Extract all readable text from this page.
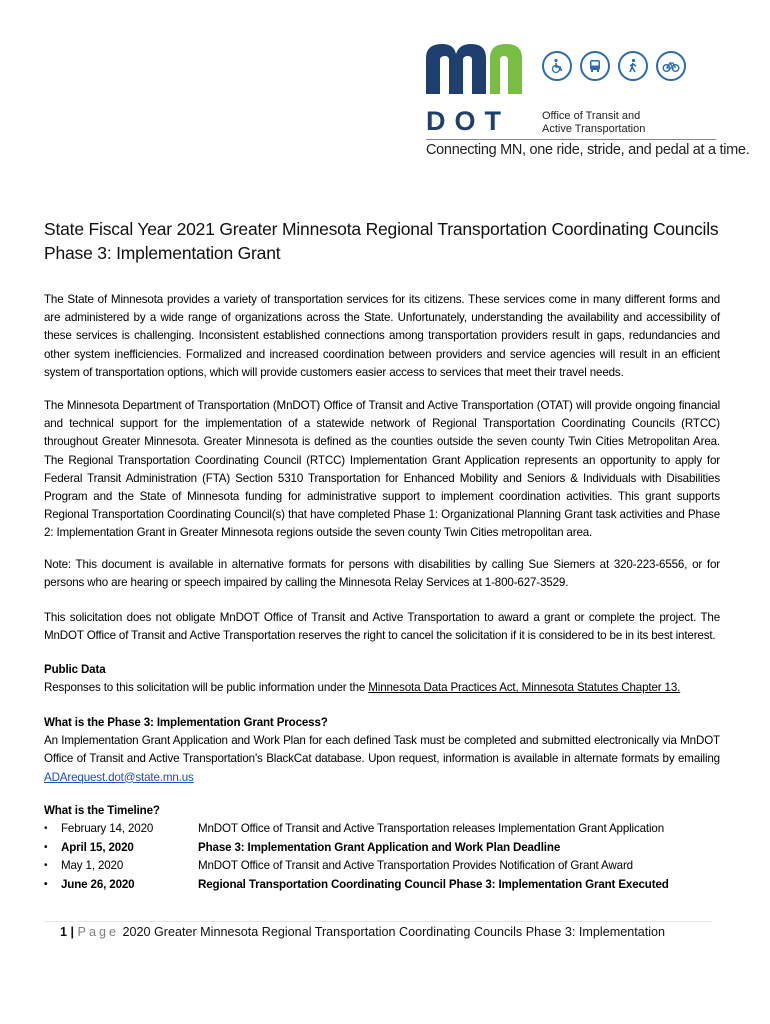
DOT	Office of Transit and
Active Transportation
Connecting MN, one ride, stride, and pedal at a time.
State Fiscal Year 2021 Greater Minnesota Regional Transportation Coordinating Councils
Phase 3: Implementation Grant
The State of Minnesota provides a variety of transportation services for its citizens. These services come in many different forms and are administered by a wide range of organizations across the State. Unfortunately, understanding the availability and accessibility of these services is challenging. Inconsistent established connections among transportation providers result in gaps, redundancies and other system inefficiencies. Formalized and increased coordination between providers and service agencies will result in an efficient system of transportation options, which will provide customers easier access to services that meet their travel needs.
The Minnesota Department of Transportation (MnDOT) Office of Transit and Active Transportation (OTAT) will provide ongoing financial and technical support for the implementation of a statewide network of Regional Transportation Coordinating Councils (RTCC) throughout Greater Minnesota. Greater Minnesota is defined as the counties outside the seven county Twin Cities Metropolitan Area. The Regional Transportation Coordinating Council (RTCC) Implementation Grant Application represents an opportunity to apply for Federal Transit Administration (FTA) Section 5310 Transportation for Enhanced Mobility and Seniors & Individuals with Disabilities Program and the State of Minnesota funding for administrative support to implement coordination activities. This grant supports Regional Transportation Coordinating Council(s) that have completed Phase 1: Organizational Planning Grant task activities and Phase 2: Implementation Grant in Greater Minnesota regions outside the seven county Twin Cities metropolitan area.
Note: This document is available in alternative formats for persons with disabilities by calling Sue Siemers at 320-223-6556, or for persons who are hearing or speech impaired by calling the Minnesota Relay Services at 1-800-627-3529.
This solicitation does not obligate MnDOT Office of Transit and Active Transportation to award a grant or complete the project. The MnDOT Office of Transit and Active Transportation reserves the right to cancel the solicitation if it is considered to be in its best interest.
Public Data
Responses to this solicitation will be public information under the Minnesota Data Practices Act, Minnesota Statutes Chapter 13.
What is the Phase 3: Implementation Grant Process?
An Implementation Grant Application and Work Plan for each defined Task must be completed and submitted electronically via MnDOT Office of Transit and Active Transportation's BlackCat database. Upon request, information is available in alternate formats by emailing ADArequest.dot@state.mn.us
What is the Timeline?
•	February 14, 2020	MnDOT Office of Transit and Active Transportation releases Implementation Grant Application
•	April 15, 2020	Phase 3: Implementation Grant Application and Work Plan Deadline
•	May 1, 2020	MnDOT Office of Transit and Active Transportation Provides Notification of Grant Award
•	June 26, 2020	Regional Transportation Coordinating Council Phase 3: Implementation Grant Executed
1 | Page 2020 Greater Minnesota Regional Transportation Coordinating Councils Phase 3: Implementation
